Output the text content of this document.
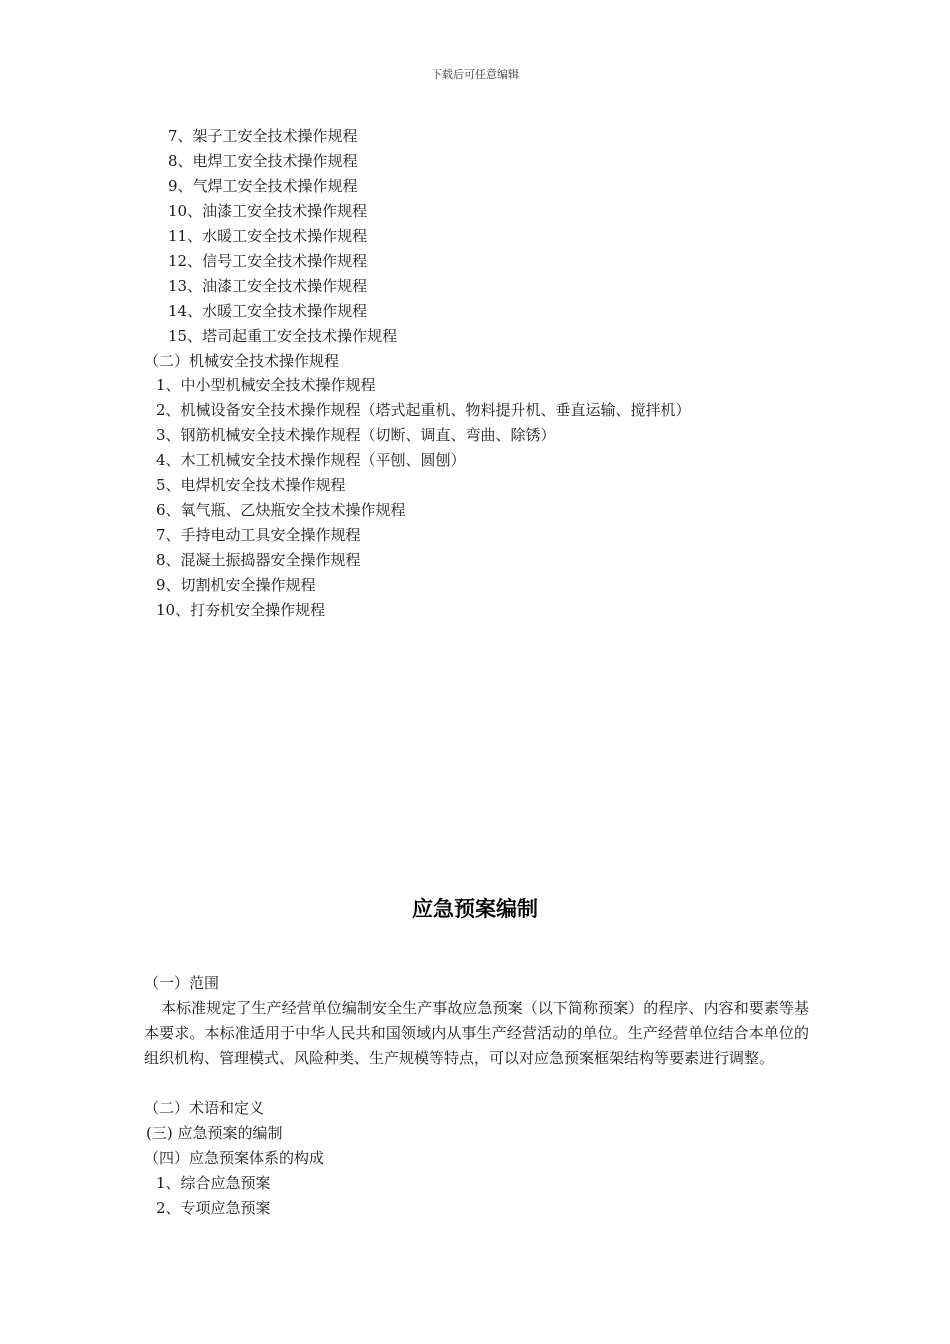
下载后可任意编辑
7、架子工安全技术操作规程
8、电焊工安全技术操作规程
9、气焊工安全技术操作规程
10、油漆工安全技术操作规程
11、水暖工安全技术操作规程
12、信号工安全技术操作规程
13、油漆工安全技术操作规程
14、水暖工安全技术操作规程
15、塔司起重工安全技术操作规程
（二）机械安全技术操作规程
1、中小型机械安全技术操作规程
2、机械设备安全技术操作规程（塔式起重机、物料提升机、垂直运输、搅拌机）
3、钢筋机械安全技术操作规程（切断、调直、弯曲、除锈）
4、木工机械安全技术操作规程（平刨、圆刨）
5、电焊机安全技术操作规程
6、氧气瓶、乙炔瓶安全技术操作规程
7、手持电动工具安全操作规程
8、混凝土振捣器安全操作规程
9、切割机安全操作规程
10、打夯机安全操作规程
应急预案编制
（一）范围
本标准规定了生产经营单位编制安全生产事故应急预案（以下简称预案）的程序、内容和要素等基本要求。本标准适用于中华人民共和国领域内从事生产经营活动的单位。生产经营单位结合本单位的组织机构、管理模式、风险种类、生产规模等特点，可以对应急预案框架结构等要素进行调整。
（二）术语和定义
(三) 应急预案的编制
（四）应急预案体系的构成
1、综合应急预案
2、专项应急预案
